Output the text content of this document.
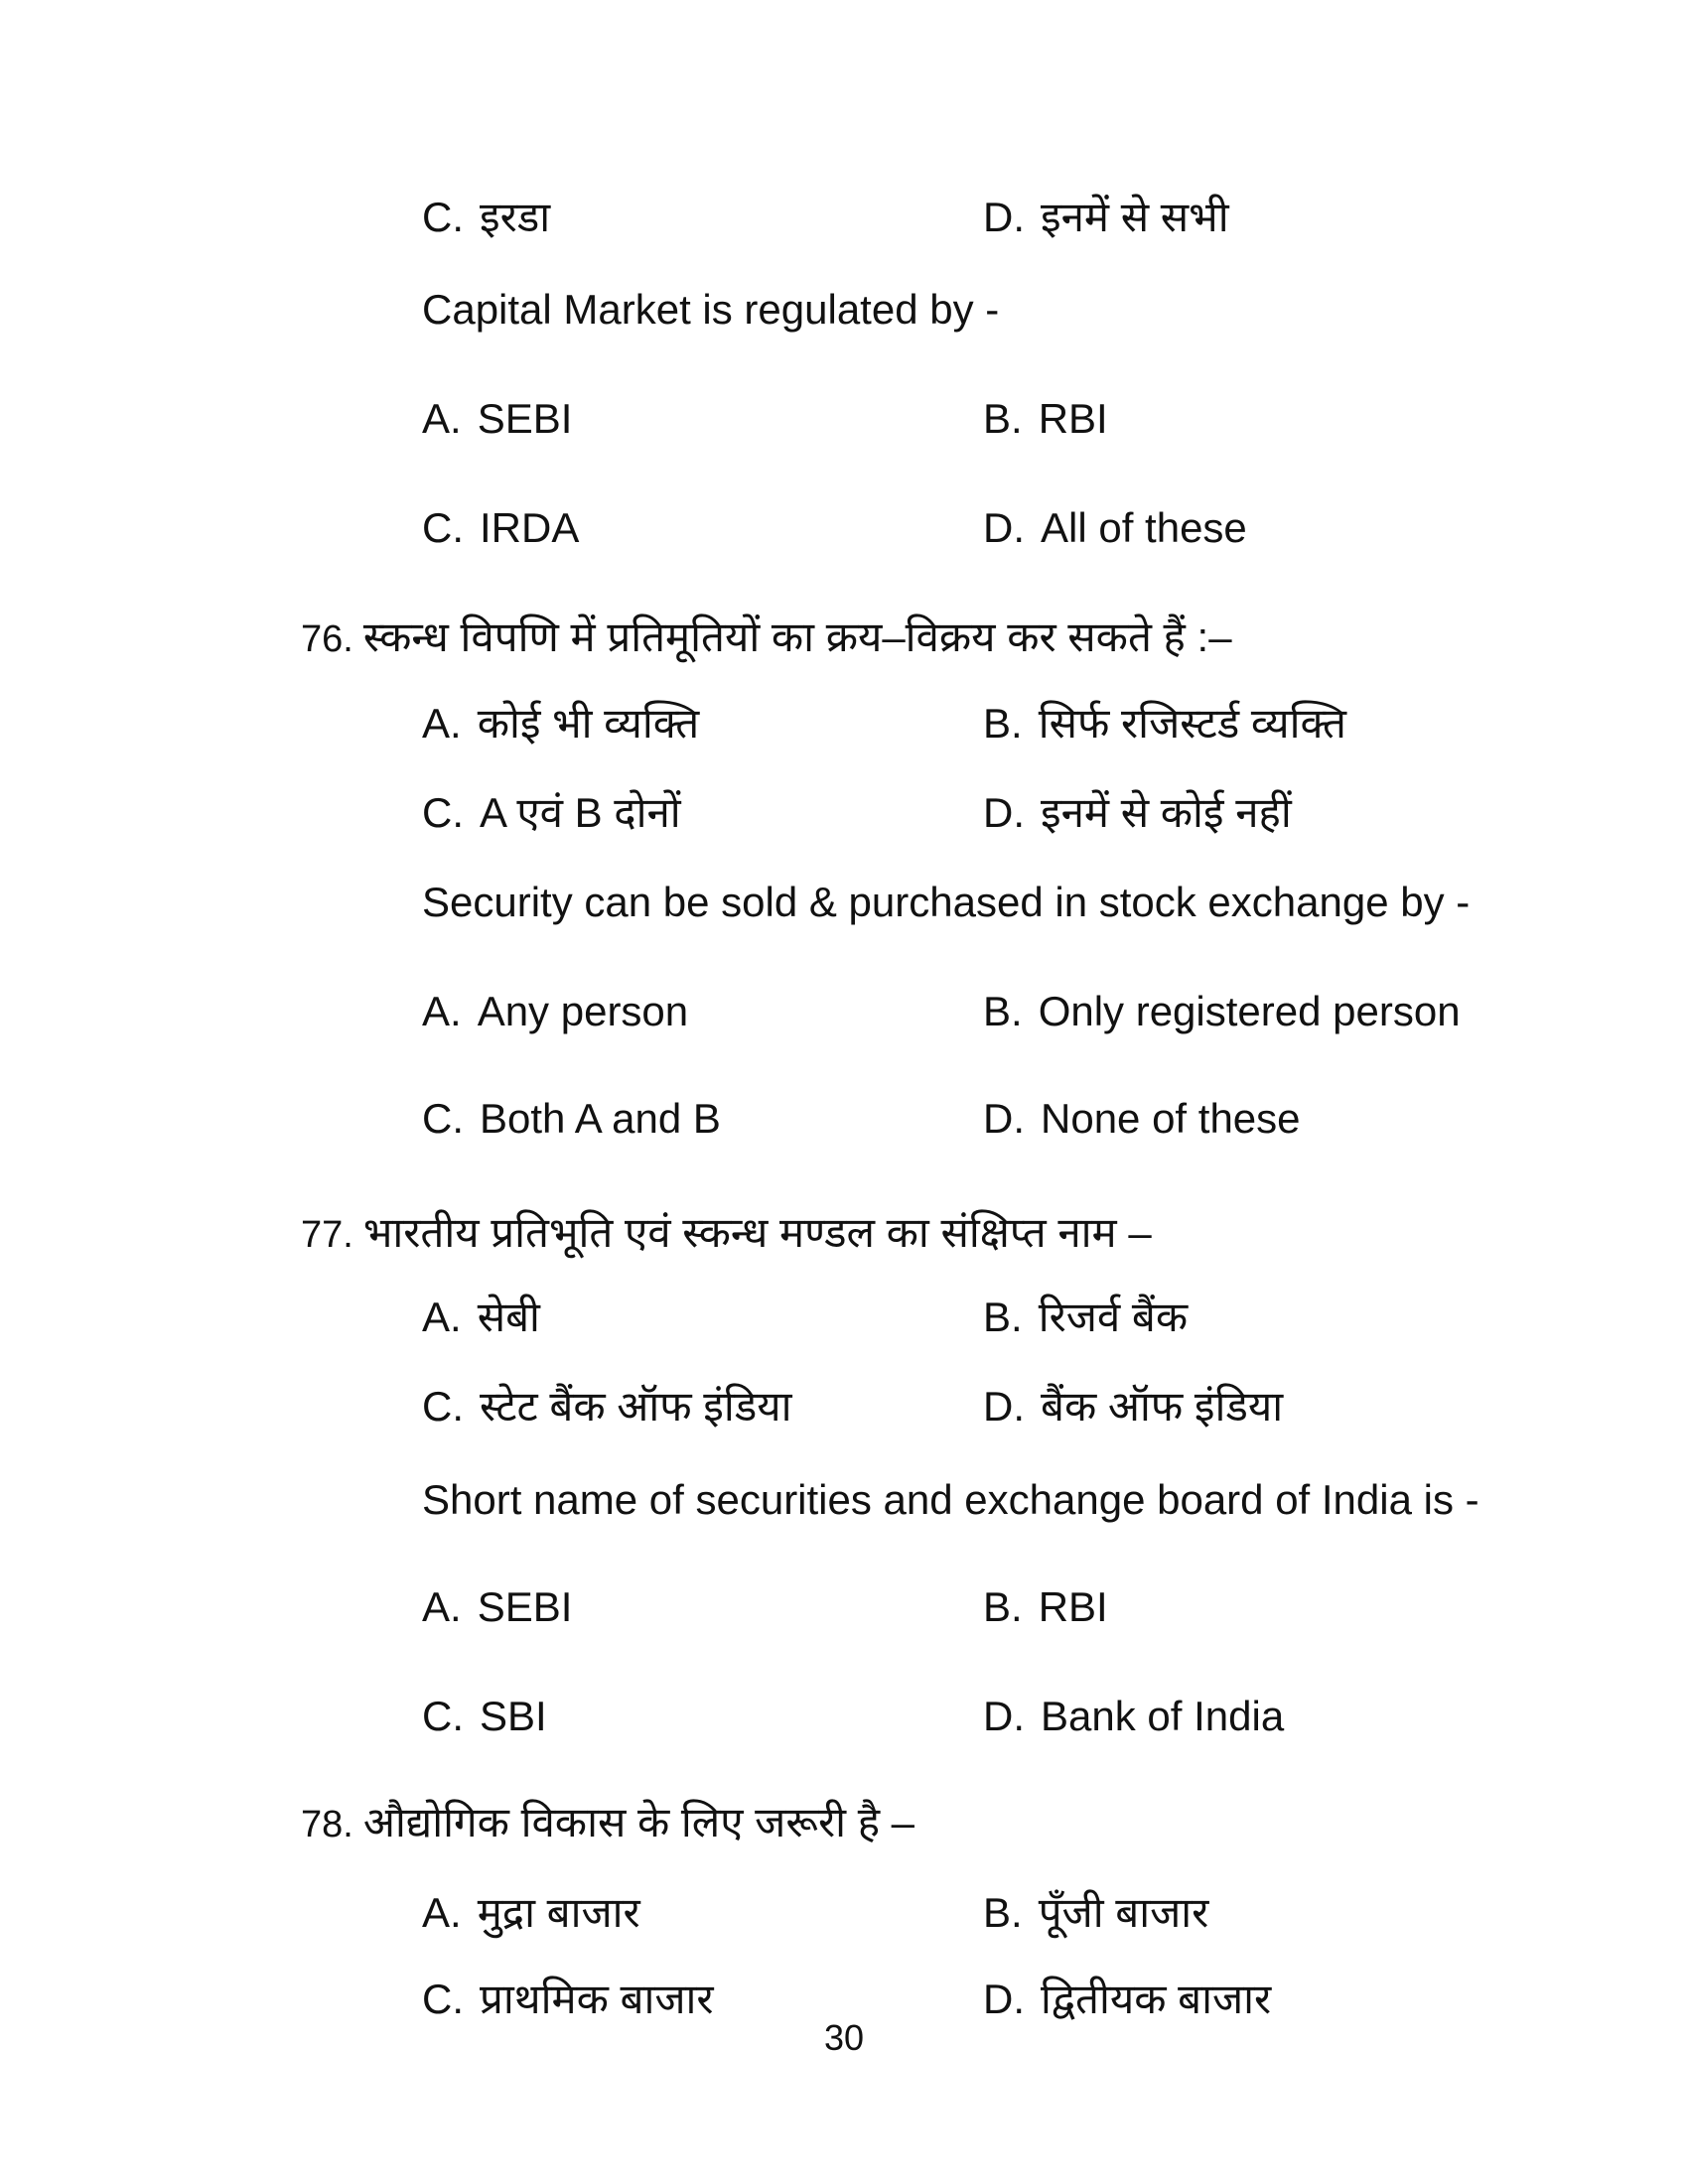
C. इरडा	D. इनमें से सभी
Capital Market is regulated by -
A. SEBI	B. RBI
C. IRDA	D. All of these
76. स्कन्ध विपणि में प्रतिमूतियों का क्रय–विक्रय कर सकते हैं :–
A. कोई भी व्यक्ति	B. सिर्फ रजिस्टर्ड व्यक्ति
C. A एवं B दोनों	D. इनमें से कोई नहीं
Security can be sold & purchased in stock exchange by -
A. Any person	B. Only registered person
C. Both A and B	D. None of these
77. भारतीय प्रतिभूति एवं स्कन्ध मण्डल का संक्षिप्त नाम –
A. सेबी	B. रिजर्व बैंक
C. स्टेट बैंक ऑफ इंडिया	D. बैंक ऑफ इंडिया
Short name of securities and exchange board of India is -
A. SEBI	B. RBI
C. SBI	D. Bank of India
78. औद्योगिक विकास के लिए जरूरी है –
A. मुद्रा बाजार	B. पूँजी बाजार
C. प्राथमिक बाजार	D. द्वितीयक बाजार
30
